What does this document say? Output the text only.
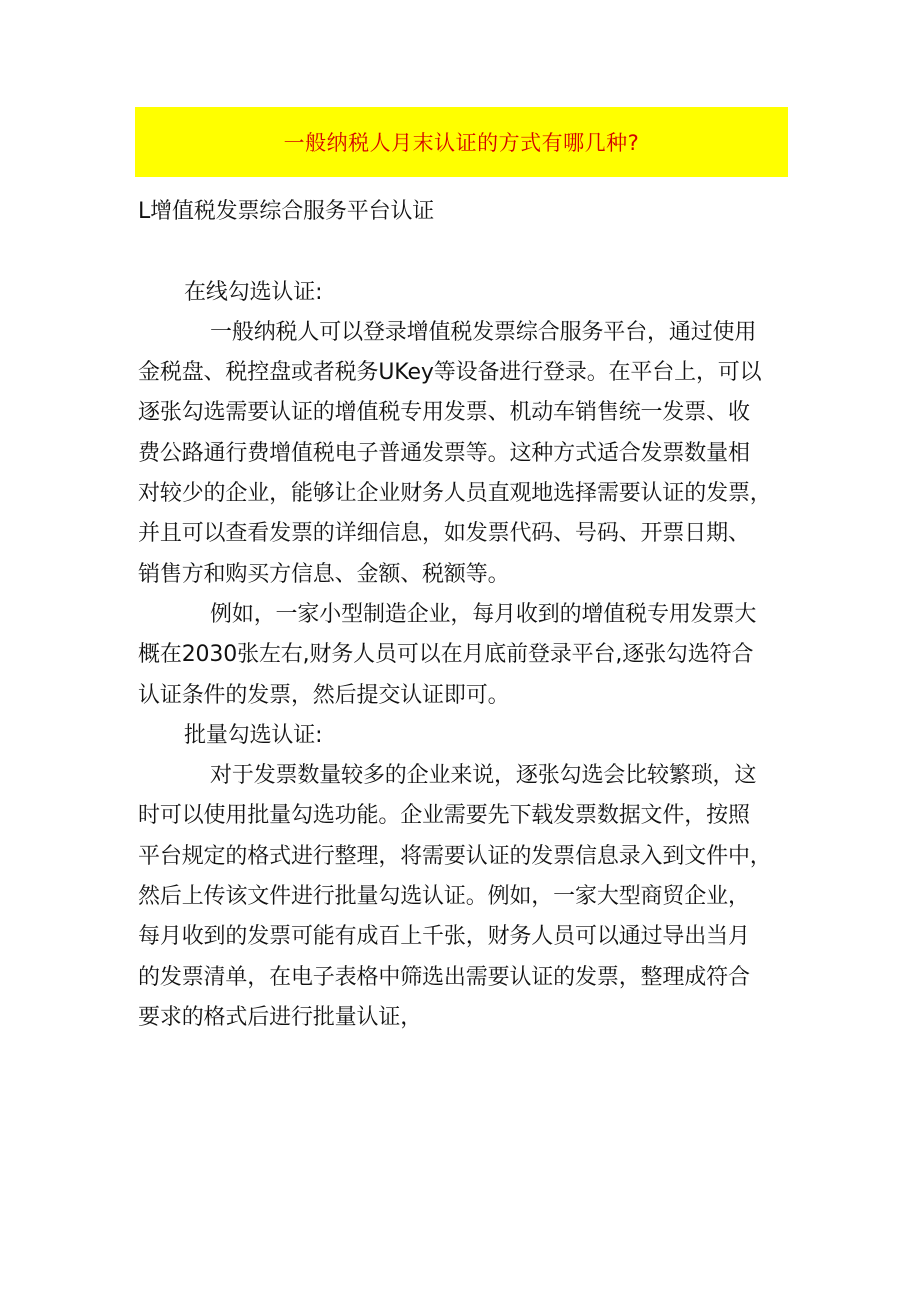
一般纳税人月末认证的方式有哪几种?
L增值税发票综合服务平台认证
在线勾选认证:
一般纳税人可以登录增值税发票综合服务平台，通过使用
金税盘、税控盘或者税务UKey等设备进行登录。在平台上，可以
逐张勾选需要认证的增值税专用发票、机动车销售统一发票、收
费公路通行费增值税电子普通发票等。这种方式适合发票数量相
对较少的企业，能够让企业财务人员直观地选择需要认证的发票，
并且可以查看发票的详细信息，如发票代码、号码、开票日期、
销售方和购买方信息、金额、税额等。
例如，一家小型制造企业，每月收到的增值税专用发票大
概在2030张左右,财务人员可以在月底前登录平台,逐张勾选符合
认证条件的发票，然后提交认证即可。
批量勾选认证:
对于发票数量较多的企业来说，逐张勾选会比较繁琐，这
时可以使用批量勾选功能。企业需要先下载发票数据文件，按照
平台规定的格式进行整理，将需要认证的发票信息录入到文件中，
然后上传该文件进行批量勾选认证。例如，一家大型商贸企业，
每月收到的发票可能有成百上千张，财务人员可以通过导出当月
的发票清单，在电子表格中筛选出需要认证的发票，整理成符合
要求的格式后进行批量认证，
